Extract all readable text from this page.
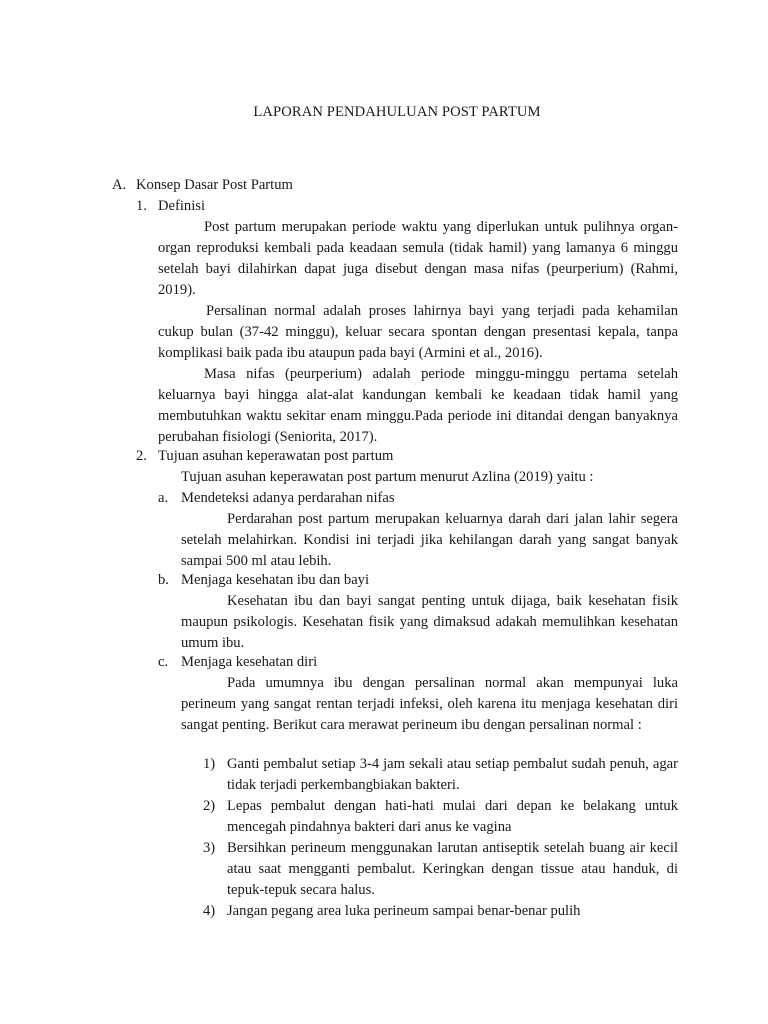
LAPORAN PENDAHULUAN POST PARTUM
A. Konsep Dasar Post Partum
1. Definisi

Post partum merupakan periode waktu yang diperlukan untuk pulihnya organ-organ reproduksi kembali pada keadaan semula (tidak hamil) yang lamanya 6 minggu setelah bayi dilahirkan dapat juga disebut dengan masa nifas (peurperium) (Rahmi, 2019).

Persalinan normal adalah proses lahirnya bayi yang terjadi pada kehamilan cukup bulan (37-42 minggu), keluar secara spontan dengan presentasi kepala, tanpa komplikasi baik pada ibu ataupun pada bayi (Armini et al., 2016).

Masa nifas (peurperium) adalah periode minggu-minggu pertama setelah keluarnya bayi hingga alat-alat kandungan kembali ke keadaan tidak hamil yang membutuhkan waktu sekitar enam minggu.Pada periode ini ditandai dengan banyaknya perubahan fisiologi (Seniorita, 2017).

2. Tujuan asuhan keperawatan post partum
Tujuan asuhan keperawatan post partum menurut Azlina (2019) yaitu :
a. Mendeteksi adanya perdarahan nifas

Perdarahan post partum merupakan keluarnya darah dari jalan lahir segera setelah melahirkan. Kondisi ini terjadi jika kehilangan darah yang sangat banyak sampai 500 ml atau lebih.

b. Menjaga kesehatan ibu dan bayi

Kesehatan ibu dan bayi sangat penting untuk dijaga, baik kesehatan fisik maupun psikologis. Kesehatan fisik yang dimaksud adakah memulihkan kesehatan umum ibu.

c. Menjaga kesehatan diri

Pada umumnya ibu dengan persalinan normal akan mempunyai luka perineum yang sangat rentan terjadi infeksi, oleh karena itu menjaga kesehatan diri sangat penting. Berikut cara merawat perineum ibu dengan persalinan normal :

1) Ganti pembalut setiap 3-4 jam sekali atau setiap pembalut sudah penuh, agar tidak terjadi perkembangbiakan bakteri.

2) Lepas pembalut dengan hati-hati mulai dari depan ke belakang untuk mencegah pindahnya bakteri dari anus ke vagina

3) Bersihkan perineum menggunakan larutan antiseptik setelah buang air kecil atau saat mengganti pembalut. Keringkan dengan tissue atau handuk, di tepuk-tepuk secara halus.

4) Jangan pegang area luka perineum sampai benar-benar pulih
